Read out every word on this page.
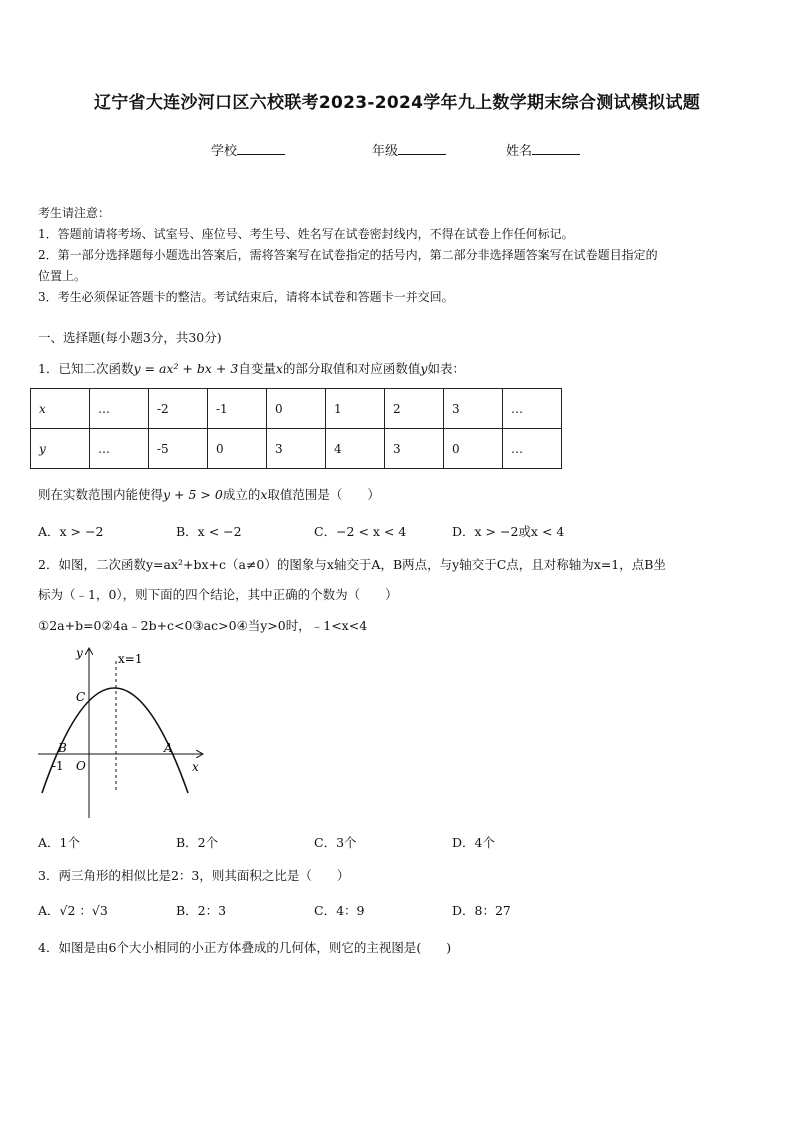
辽宁省大连沙河口区六校联考2023-2024学年九上数学期末综合测试模拟试题
学校	年级	姓名
考生请注意：
1．答题前请将考场、试室号、座位号、考生号、姓名写在试卷密封线内，不得在试卷上作任何标记。
2．第一部分选择题每小题选出答案后，需将答案写在试卷指定的括号内，第二部分非选择题答案写在试卷题目指定的
位置上。
3．考生必须保证答题卡的整洁。考试结束后，请将本试卷和答题卡一并交回。
一、选择题(每小题3分，共30分)
1．已知二次函数y = ax² + bx + 3自变量x的部分取值和对应函数值y如表：
x	…	-2	-1	0	1	2	3	…
y	…	-5	0	3	4	3	0	…
则在实数范围内能使得y + 5 > 0成立的x取值范围是（　　）
A．x > −2	B．x < −2	C．−2 < x < 4	D．x > −2或x < 4
2．如图，二次函数y=ax²+bx+c（a≠0）的图象与x轴交于A，B两点，与y轴交于C点，且对称轴为x=1，点B坐
标为（﹣1，0），则下面的四个结论，其中正确的个数为（　　）
①2a+b=0②4a﹣2b+c<0③ac>0④当y>0时，﹣1<x<4
y
x
x=1
C
B	A
O
-1
A．1个	B．2个	C．3个	D．4个
3．两三角形的相似比是2：3，则其面积之比是（　　）
A．√2 ：√3	B．2：3	C．4：9	D．8：27
4．如图是由6个大小相同的小正方体叠成的几何体，则它的主视图是(　　)
